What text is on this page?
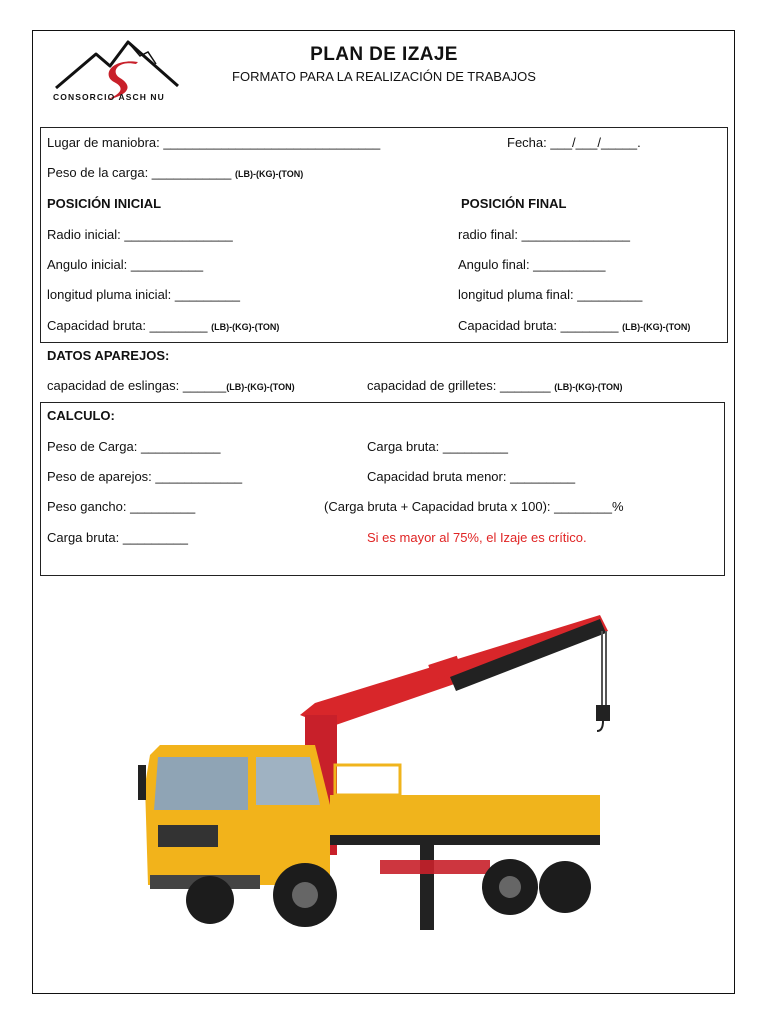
CONSORCIO ASCH NU
PLAN DE IZAJE
FORMATO PARA LA REALIZACIÓN DE TRABAJOS
Lugar de maniobra: ______________________________	Fecha: ___/___/_____.
Peso de la carga: ___________ (LB)-(KG)-(TON)
POSICIÓN INICIAL	POSICIÓN FINAL
Radio inicial: _______________	radio final: _______________
Angulo inicial: __________	Angulo final: __________
longitud pluma inicial: _________	longitud pluma final: _________
Capacidad bruta: ________ (LB)-(KG)-(TON)	Capacidad bruta: ________ (LB)-(KG)-(TON)
DATOS APAREJOS:
capacidad de eslingas: ______(LB)-(KG)-(TON)	capacidad de grilletes: _______ (LB)-(KG)-(TON)
CALCULO:
Peso de Carga: ___________	Carga bruta: _________
Peso de aparejos: ____________	Capacidad bruta menor: _________
Peso gancho: _________	(Carga bruta + Capacidad bruta x 100): ________%
Carga bruta: _________	Si es mayor al 75%, el Izaje es crítico.
